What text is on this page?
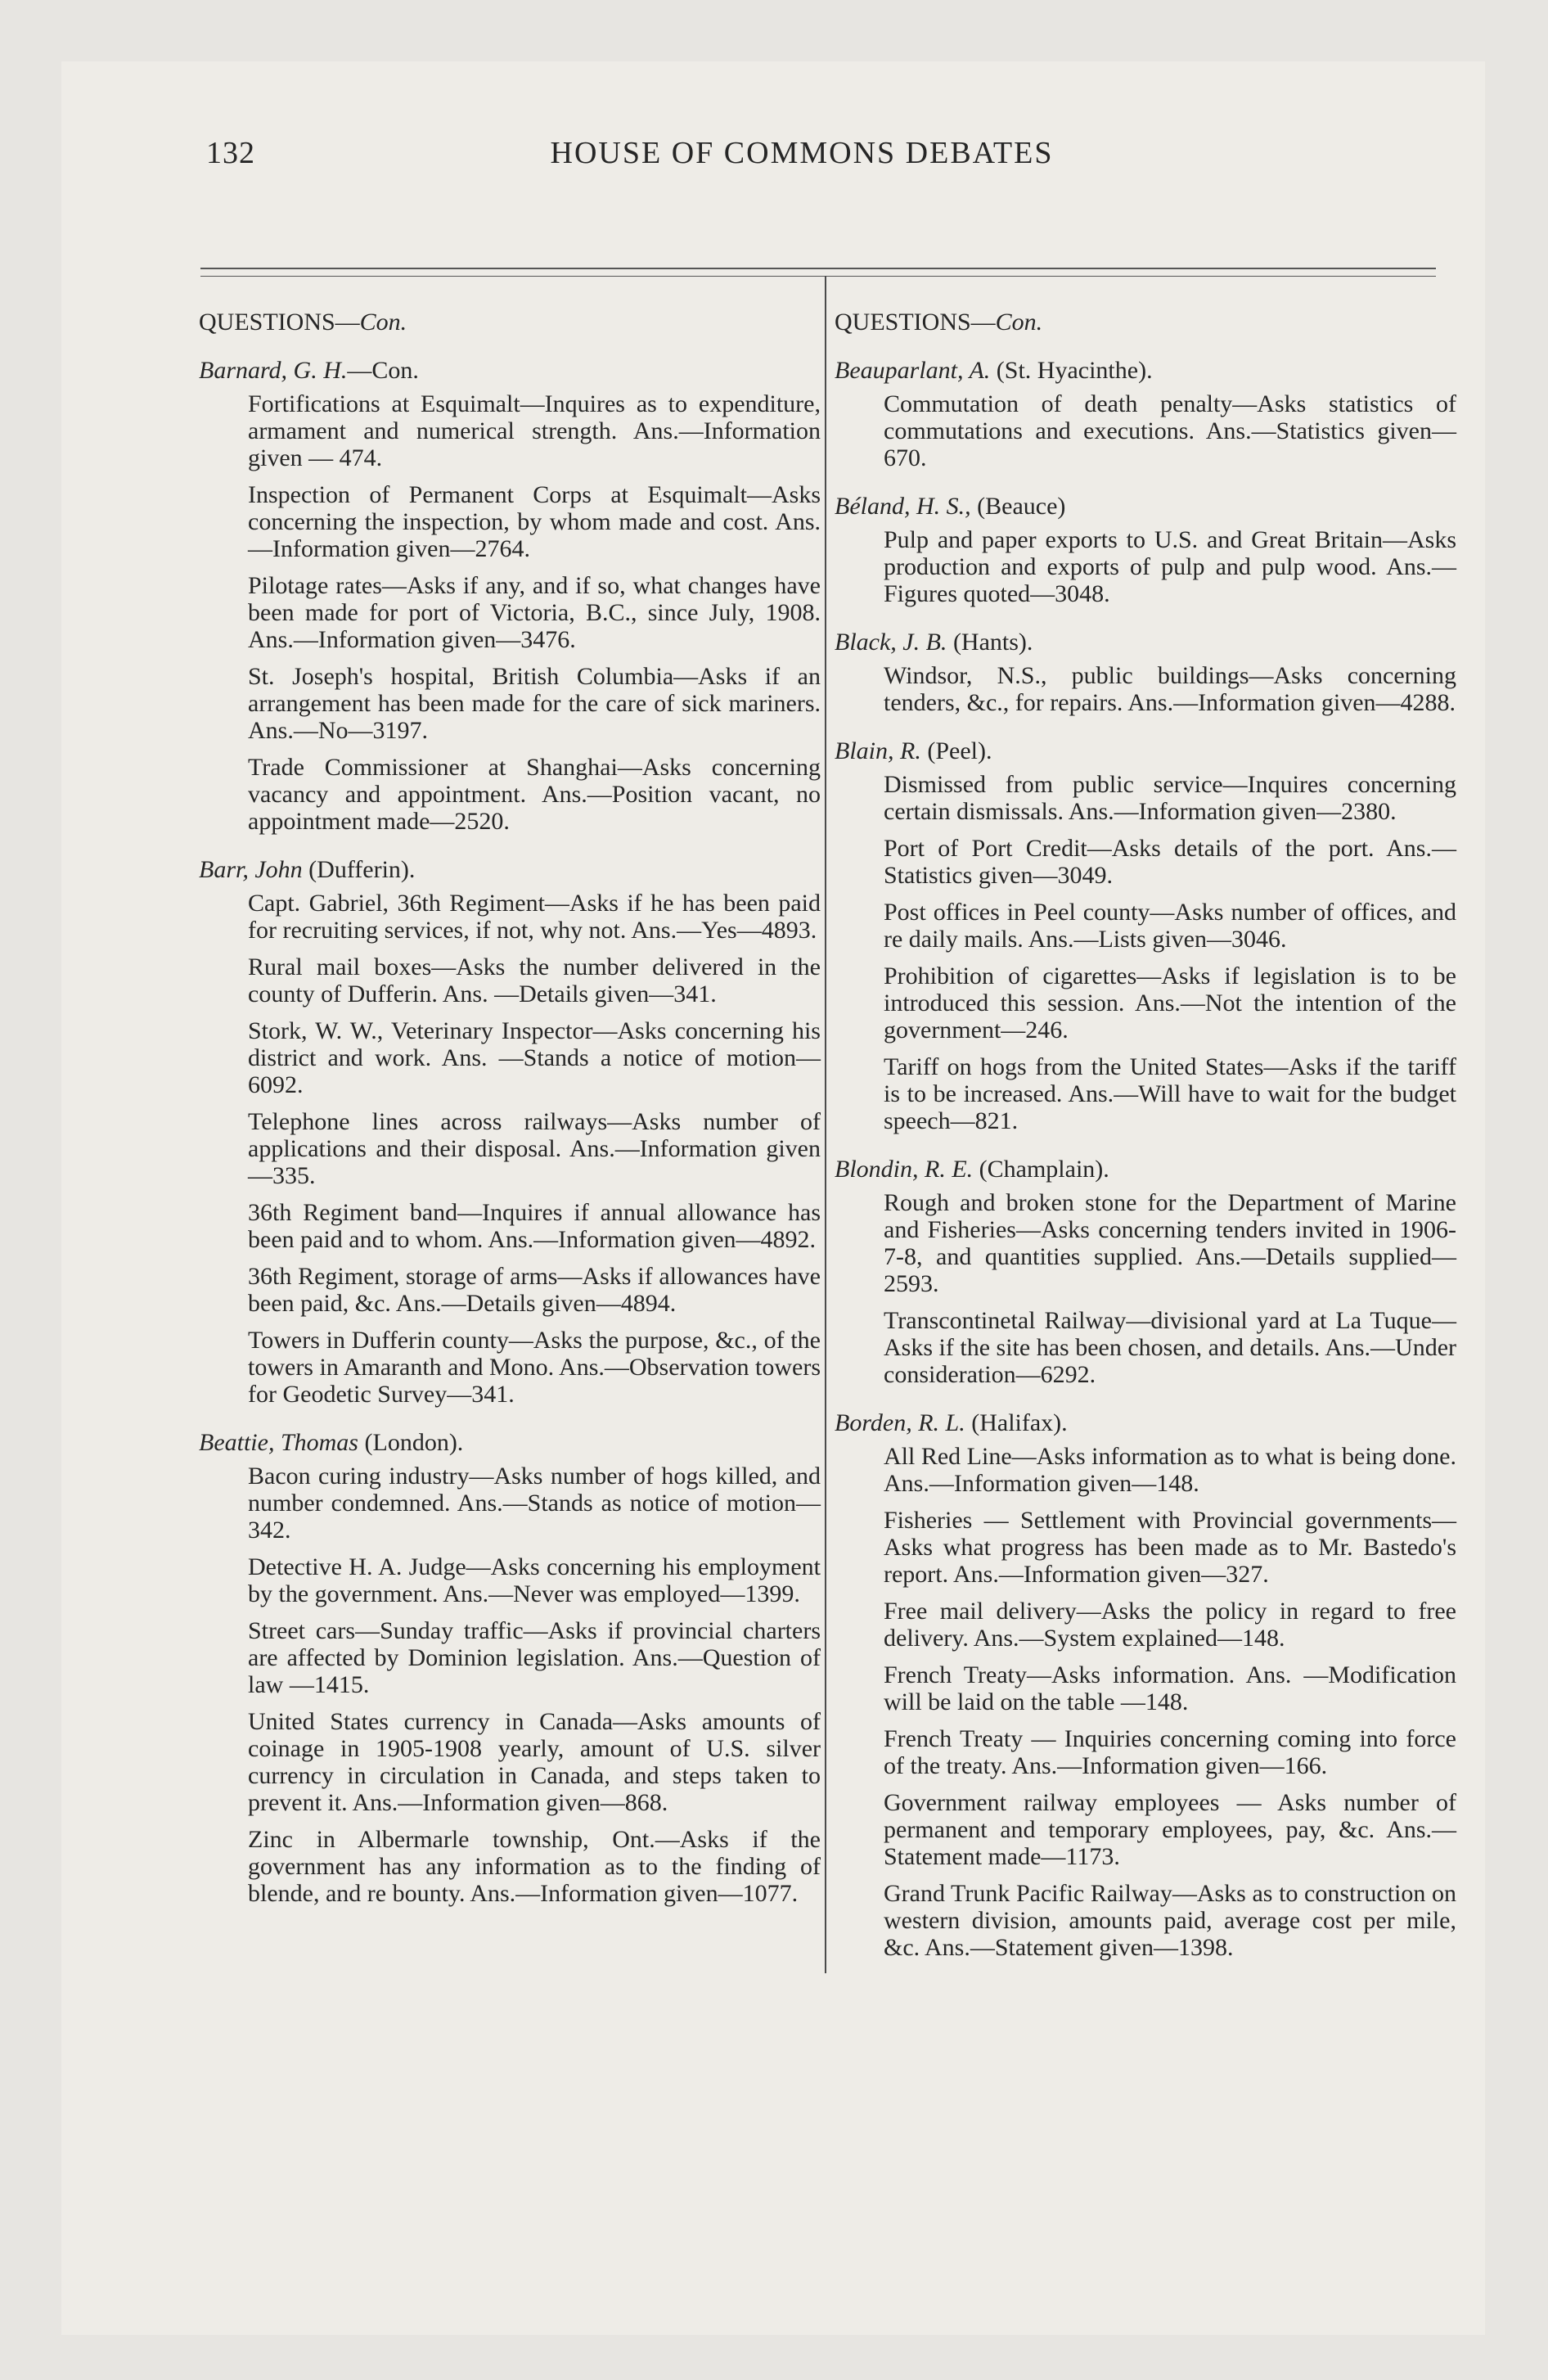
132	HOUSE OF COMMONS DEBATES
QUESTIONS—Con.
Barnard, G. H.—Con.
Fortifications at Esquimalt—Inquires as to expenditure, armament and numerical strength. Ans.—Information given — 474.
Inspection of Permanent Corps at Esquimalt—Asks concerning the inspection, by whom made and cost. Ans.—Information given—2764.
Pilotage rates—Asks if any, and if so, what changes have been made for port of Victoria, B.C., since July, 1908. Ans.—Information given—3476.
St. Joseph's hospital, British Columbia—Asks if an arrangement has been made for the care of sick mariners. Ans.—No—3197.
Trade Commissioner at Shanghai—Asks concerning vacancy and appointment. Ans.—Position vacant, no appointment made—2520.
Barr, John (Dufferin).
Capt. Gabriel, 36th Regiment—Asks if he has been paid for recruiting services, if not, why not. Ans.—Yes—4893.
Rural mail boxes—Asks the number delivered in the county of Dufferin. Ans. —Details given—341.
Stork, W. W., Veterinary Inspector—Asks concerning his district and work. Ans. —Stands a notice of motion—6092.
Telephone lines across railways—Asks number of applications and their disposal. Ans.—Information given—335.
36th Regiment band—Inquires if annual allowance has been paid and to whom. Ans.—Information given—4892.
36th Regiment, storage of arms—Asks if allowances have been paid, &c. Ans.—Details given—4894.
Towers in Dufferin county—Asks the purpose, &c., of the towers in Amaranth and Mono. Ans.—Observation towers for Geodetic Survey—341.
Beattie, Thomas (London).
Bacon curing industry—Asks number of hogs killed, and number condemned. Ans.—Stands as notice of motion—342.
Detective H. A. Judge—Asks concerning his employment by the government. Ans.—Never was employed—1399.
Street cars—Sunday traffic—Asks if provincial charters are affected by Dominion legislation. Ans.—Question of law —1415.
United States currency in Canada—Asks amounts of coinage in 1905-1908 yearly, amount of U.S. silver currency in circulation in Canada, and steps taken to prevent it. Ans.—Information given—868.
Zinc in Albermarle township, Ont.—Asks if the government has any information as to the finding of blende, and re bounty. Ans.—Information given—1077.
QUESTIONS—Con.
Beauparlant, A. (St. Hyacinthe).
Commutation of death penalty—Asks statistics of commutations and executions. Ans.—Statistics given—670.
Béland, H. S., (Beauce)
Pulp and paper exports to U.S. and Great Britain—Asks production and exports of pulp and pulp wood. Ans.—Figures quoted—3048.
Black, J. B. (Hants).
Windsor, N.S., public buildings—Asks concerning tenders, &c., for repairs. Ans.—Information given—4288.
Blain, R. (Peel).
Dismissed from public service—Inquires concerning certain dismissals. Ans.—Information given—2380.
Port of Port Credit—Asks details of the port. Ans.—Statistics given—3049.
Post offices in Peel county—Asks number of offices, and re daily mails. Ans.—Lists given—3046.
Prohibition of cigarettes—Asks if legislation is to be introduced this session. Ans.—Not the intention of the government—246.
Tariff on hogs from the United States—Asks if the tariff is to be increased. Ans.—Will have to wait for the budget speech—821.
Blondin, R. E. (Champlain).
Rough and broken stone for the Department of Marine and Fisheries—Asks concerning tenders invited in 1906-7-8, and quantities supplied. Ans.—Details supplied—2593.
Transcontinetal Railway—divisional yard at La Tuque—Asks if the site has been chosen, and details. Ans.—Under consideration—6292.
Borden, R. L. (Halifax).
All Red Line—Asks information as to what is being done. Ans.—Information given—148.
Fisheries — Settlement with Provincial governments—Asks what progress has been made as to Mr. Bastedo's report. Ans.—Information given—327.
Free mail delivery—Asks the policy in regard to free delivery. Ans.—System explained—148.
French Treaty—Asks information. Ans. —Modification will be laid on the table —148.
French Treaty — Inquiries concerning coming into force of the treaty. Ans.—Information given—166.
Government railway employees — Asks number of permanent and temporary employees, pay, &c. Ans.—Statement made—1173.
Grand Trunk Pacific Railway—Asks as to construction on western division, amounts paid, average cost per mile, &c. Ans.—Statement given—1398.
